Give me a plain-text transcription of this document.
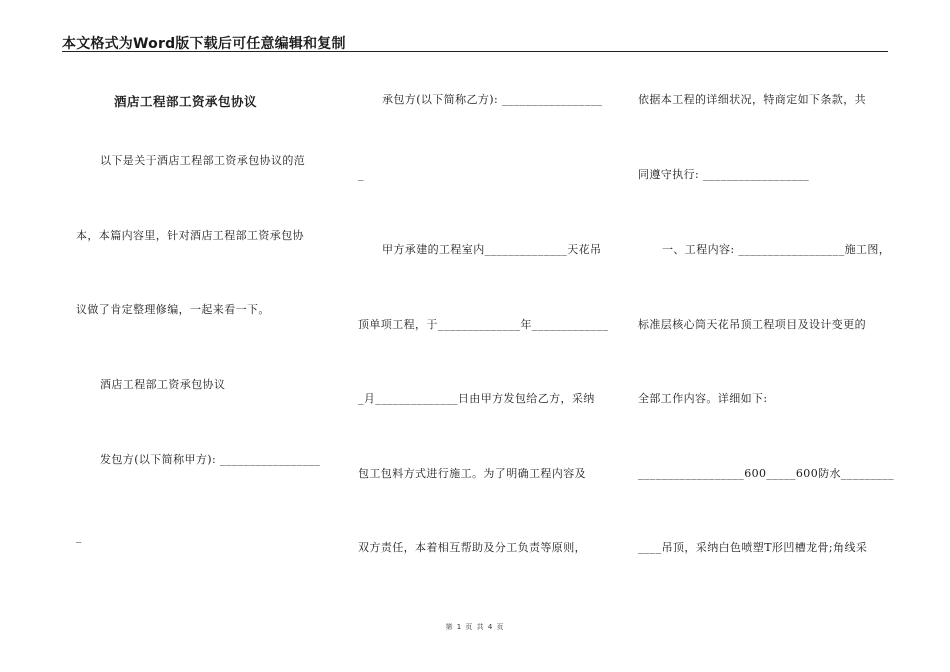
本文格式为Word版下载后可任意编辑和复制
酒店工程部工资承包协议
以下是关于酒店工程部工资承包协议的范
本，本篇内容里，针对酒店工程部工资承包协
议做了肯定整理修编，一起来看一下。
酒店工程部工资承包协议
发包方(以下简称甲方): _________________
_
承包方(以下简称乙方): _________________
_
甲方承建的工程室内______________天花吊
顶单项工程，于______________年_____________
_月______________日由甲方发包给乙方，采纳
包工包料方式进行施工。为了明确工程内容及
双方责任，本着相互帮助及分工负责等原则，
依据本工程的详细状况，特商定如下条款，共
同遵守执行: __________________
一、工程内容: __________________施工图，
标准层核心筒天花吊顶工程项目及设计变更的
全部工作内容。详细如下:
__________________600_____600防水_________
____吊顶，采纳白色喷塑T形凹槽龙骨;角线采
第 1 页 共 4 页
